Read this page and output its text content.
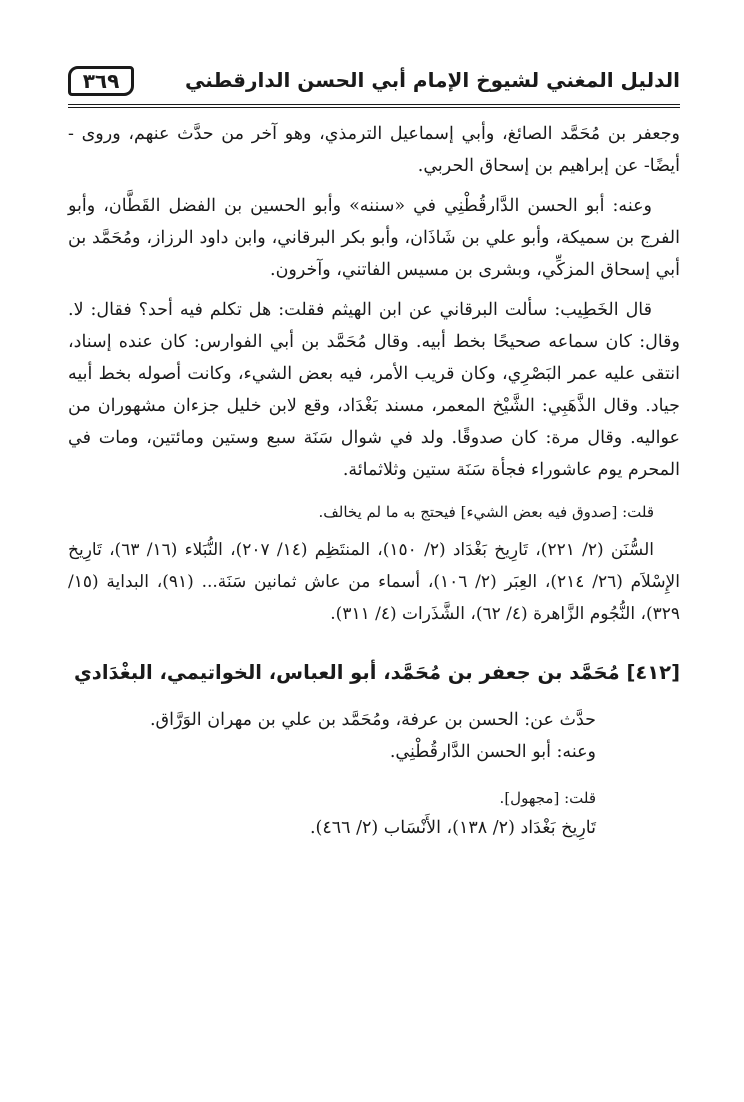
الدليل المغني لشيوخ الإمام أبي الحسن الدارقطني
٣٦٩

وجعفر بن مُحَمَّد الصائغ، وأبي إسماعيل الترمذي، وهو آخر من حدَّث عنهم، وروى - أيضًا- عن إبراهيم بن إسحاق الحربي.

وعنه: أبو الحسن الدَّارقُطْنِي في «سننه» وأبو الحسين بن الفضل القَطَّان، وأبو الفرج بن سميكة، وأبو علي بن شَاذَان، وأبو بكر البرقاني، وابن داود الرزاز، ومُحَمَّد بن أبي إسحاق المزكِّي، وبشرى بن مسيس الفاتني، وآخرون.

قال الخَطِيب: سألت البرقاني عن ابن الهيثم فقلت: هل تكلم فيه أحد؟ فقال: لا. وقال: كان سماعه صحيحًا بخط أبيه. وقال مُحَمَّد بن أبي الفوارس: كان عنده إسناد، انتقى عليه عمر البَصْرِي، وكان قريب الأمر، فيه بعض الشيء، وكانت أصوله بخط أبيه جياد. وقال الذَّهَبِي: الشَّيْخ المعمر، مسند بَغْدَاد، وقع لابن خليل جزءان مشهوران من عواليه. وقال مرة: كان صدوقًا. ولد في شوال سَنَة سبع وستين ومائتين، ومات في المحرم يوم عاشوراء فجأة سَنَة ستين وثلاثمائة.

قلت: [صدوق فيه بعض الشيء] فيحتج به ما لم يخالف.

السُّنَن (٢/ ٢٢١)، تَارِيخ بَغْدَاد (٢/ ١٥٠)، المنتَظِم (١٤/ ٢٠٧)، النُّبَلاء (١٦/ ٦٣)، تَارِيخ الإِسْلاَم (٢٦/ ٢١٤)، العِبَر (٢/ ١٠٦)، أسماء من عاش ثمانين سَنَة... (٩١)، البداية (١٥/ ٣٢٩)، النُّجُوم الزَّاهرة (٤/ ٦٢)، الشَّذَرات (٤/ ٣١١).

[٤١٢] مُحَمَّد بن جعفر بن مُحَمَّد، أبو العباس، الخواتيمي، البغْدَادي

حدَّث عن: الحسن بن عرفة، ومُحَمَّد بن علي بن مهران الوَرَّاق.

وعنه: أبو الحسن الدَّارقُطْنِي.

قلت: [مجهول].

تَارِيخ بَغْدَاد (٢/ ١٣٨)، الأَنْسَاب (٢/ ٤٦٦).
